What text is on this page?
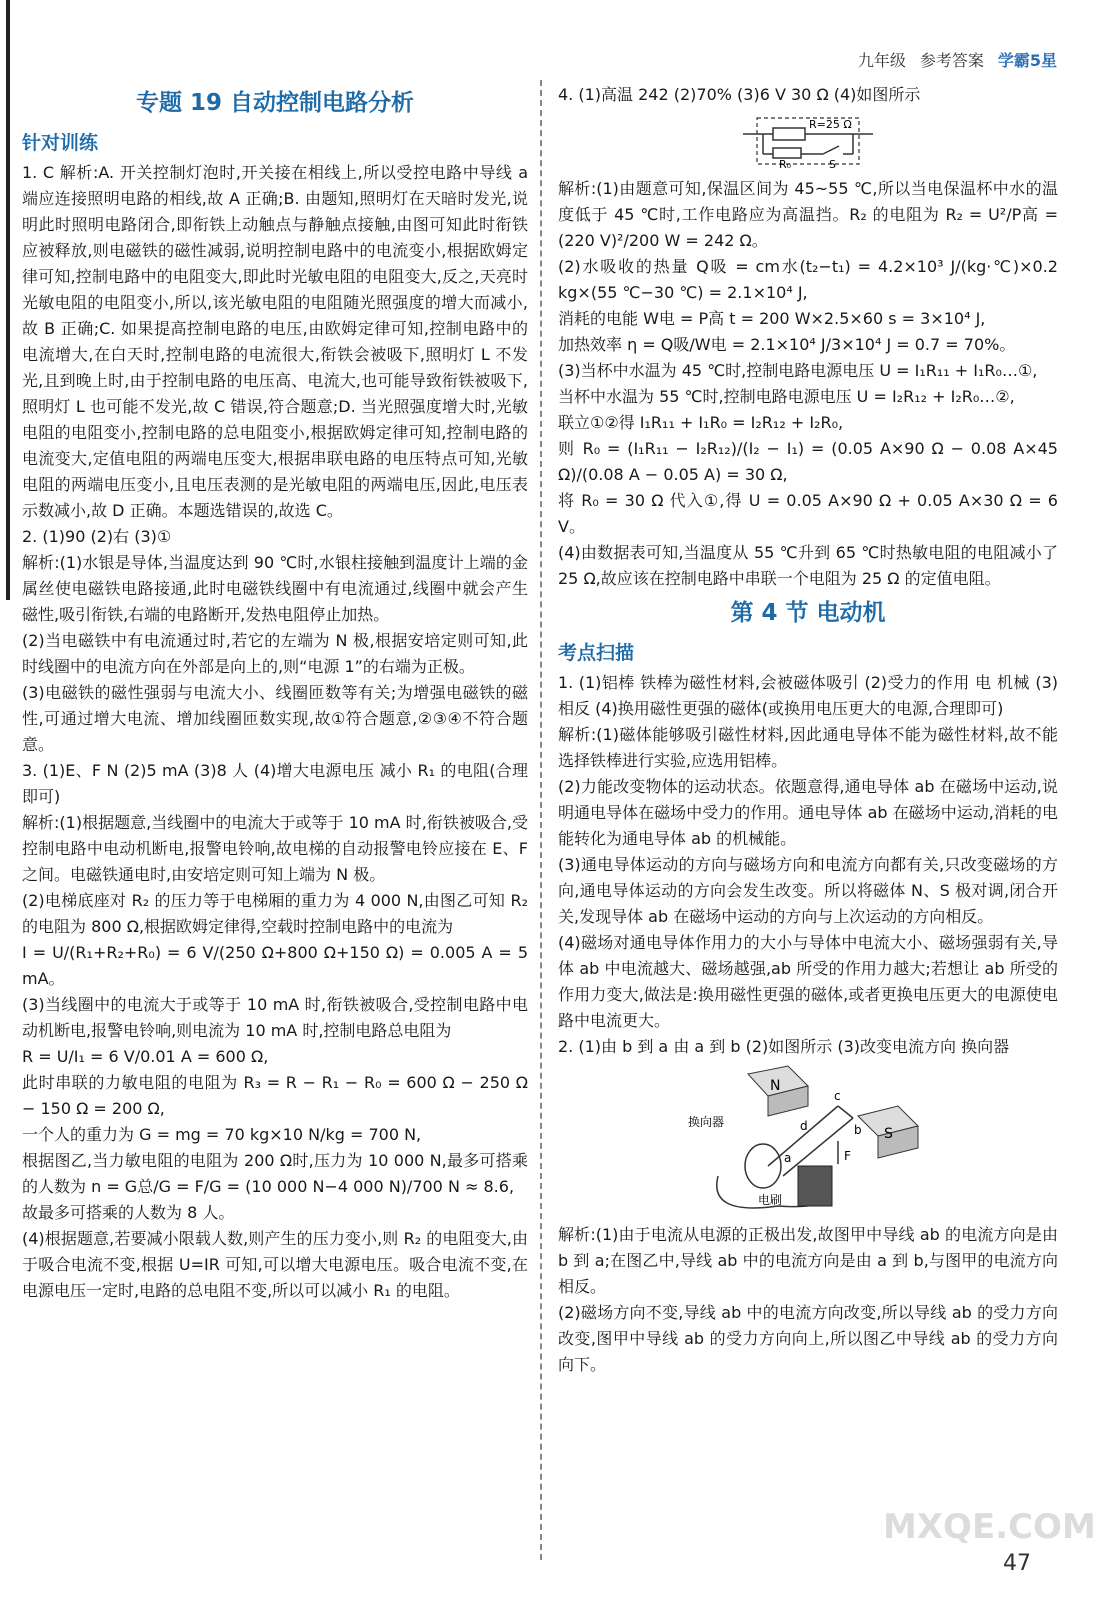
九年级 参考答案 学霸5星
专题 19 自动控制电路分析
针对训练

1. C 解析:A. 开关控制灯泡时,开关接在相线上,所以受控电路中导线 a 端应连接照明电路的相线,故 A 正确;B. 由题知,照明灯在天暗时发光,说明此时照明电路闭合,即衔铁上动触点与静触点接触,由图可知此时衔铁应被释放,则电磁铁的磁性减弱,说明控制电路中的电流变小,根据欧姆定律可知,控制电路中的电阻变大,即此时光敏电阻的电阻变大,反之,天亮时光敏电阻的电阻变小,所以,该光敏电阻的电阻随光照强度的增大而减小,故 B 正确;C. 如果提高控制电路的电压,由欧姆定律可知,控制电路中的电流增大,在白天时,控制电路的电流很大,衔铁会被吸下,照明灯 L 不发光,且到晚上时,由于控制电路的电压高、电流大,也可能导致衔铁被吸下,照明灯 L 也可能不发光,故 C 错误,符合题意;D. 当光照强度增大时,光敏电阻的电阻变小,控制电路的总电阻变小,根据欧姆定律可知,控制电路的电流变大,定值电阻的两端电压变大,根据串联电路的电压特点可知,光敏电阻的两端电压变小,且电压表测的是光敏电阻的两端电压,因此,电压表示数减小,故 D 正确。本题选错误的,故选 C。

2. (1)90 (2)右 (3)①

解析:(1)水银是导体,当温度达到 90 ℃时,水银柱接触到温度计上端的金属丝使电磁铁电路接通,此时电磁铁线圈中有电流通过,线圈中就会产生磁性,吸引衔铁,右端的电路断开,发热电阻停止加热。

(2)当电磁铁中有电流通过时,若它的左端为 N 极,根据安培定则可知,此时线圈中的电流方向在外部是向上的,则“电源 1”的右端为正极。

(3)电磁铁的磁性强弱与电流大小、线圈匝数等有关;为增强电磁铁的磁性,可通过增大电流、增加线圈匝数实现,故①符合题意,②③④不符合题意。

3. (1)E、F N (2)5 mA (3)8 人 (4)增大电源电压 减小 R₁ 的电阻(合理即可)

解析:(1)根据题意,当线圈中的电流大于或等于 10 mA 时,衔铁被吸合,受控制电路中电动机断电,报警电铃响,故电梯的自动报警电铃应接在 E、F 之间。电磁铁通电时,由安培定则可知上端为 N 极。

(2)电梯底座对 R₂ 的压力等于电梯厢的重力为 4 000 N,由图乙可知 R₂ 的电阻为 800 Ω,根据欧姆定律得,空载时控制电路中的电流为

I = U/(R₁+R₂+R₀) = 6 V/(250 Ω+800 Ω+150 Ω) = 0.005 A = 5 mA。

(3)当线圈中的电流大于或等于 10 mA 时,衔铁被吸合,受控制电路中电动机断电,报警电铃响,则电流为 10 mA 时,控制电路总电阻为

R = U/I₁ = 6 V/0.01 A = 600 Ω,

此时串联的力敏电阻的电阻为 R₃ = R − R₁ − R₀ = 600 Ω − 250 Ω − 150 Ω = 200 Ω,

一个人的重力为 G = mg = 70 kg×10 N/kg = 700 N,

根据图乙,当力敏电阻的电阻为 200 Ω时,压力为 10 000 N,最多可搭乘的人数为 n = G总/G = F/G = (10 000 N−4 000 N)/700 N ≈ 8.6,

故最多可搭乘的人数为 8 人。

(4)根据题意,若要减小限载人数,则产生的压力变小,则 R₂ 的电阻变大,由于吸合电流不变,根据 U=IR 可知,可以增大电源电压。吸合电流不变,在电源电压一定时,电路的总电阻不变,所以可以减小 R₁ 的电阻。

4. (1)高温 242 (2)70% (3)6 V 30 Ω (4)如图所示

R=25 Ω
R₀	S

解析:(1)由题意可知,保温区间为 45~55 ℃,所以当电保温杯中水的温度低于 45 ℃时,工作电路应为高温挡。R₂ 的电阻为 R₂ = U²/P高 = (220 V)²/200 W = 242 Ω。

(2)水吸收的热量 Q吸 = cm水(t₂−t₁) = 4.2×10³ J/(kg·℃)×0.2 kg×(55 ℃−30 ℃) = 2.1×10⁴ J,

消耗的电能 W电 = P高 t = 200 W×2.5×60 s = 3×10⁴ J,

加热效率 η = Q吸/W电 = 2.1×10⁴ J/3×10⁴ J = 0.7 = 70%。

(3)当杯中水温为 45 ℃时,控制电路电源电压 U = I₁R₁₁ + I₁R₀…①,

当杯中水温为 55 ℃时,控制电路电源电压 U = I₂R₁₂ + I₂R₀…②,

联立①②得 I₁R₁₁ + I₁R₀ = I₂R₁₂ + I₂R₀,

则 R₀ = (I₁R₁₁ − I₂R₁₂)/(I₂ − I₁) = (0.05 A×90 Ω − 0.08 A×45 Ω)/(0.08 A − 0.05 A) = 30 Ω,

将 R₀ = 30 Ω 代入①,得 U = 0.05 A×90 Ω + 0.05 A×30 Ω = 6 V。

(4)由数据表可知,当温度从 55 ℃升到 65 ℃时热敏电阻的电阻减小了 25 Ω,故应该在控制电路中串联一个电阻为 25 Ω 的定值电阻。

第 4 节 电动机
考点扫描

1. (1)铝棒 铁棒为磁性材料,会被磁体吸引 (2)受力的作用 电 机械 (3)相反 (4)换用磁性更强的磁体(或换用电压更大的电源,合理即可)

解析:(1)磁体能够吸引磁性材料,因此通电导体不能为磁性材料,故不能选择铁棒进行实验,应选用铝棒。

(2)力能改变物体的运动状态。依题意得,通电导体 ab 在磁场中运动,说明通电导体在磁场中受力的作用。通电导体 ab 在磁场中运动,消耗的电能转化为通电导体 ab 的机械能。

(3)通电导体运动的方向与磁场方向和电流方向都有关,只改变磁场的方向,通电导体运动的方向会发生改变。所以将磁体 N、S 极对调,闭合开关,发现导体 ab 在磁场中运动的方向与上次运动的方向相反。

(4)磁场对通电导体作用力的大小与导体中电流大小、磁场强弱有关,导体 ab 中电流越大、磁场越强,ab 所受的作用力越大;若想让 ab 所受的作用力变大,做法是:换用磁性更强的磁体,或者更换电压更大的电源使电路中电流更大。

2. (1)由 b 到 a 由 a 到 b (2)如图所示 (3)改变电流方向 换向器

N
S
F
换向器
电刷
d
c
b
a

解析:(1)由于电流从电源的正极出发,故图甲中导线 ab 的电流方向是由 b 到 a;在图乙中,导线 ab 中的电流方向是由 a 到 b,与图甲的电流方向相反。

(2)磁场方向不变,导线 ab 中的电流方向改变,所以导线 ab 的受力方向改变,图甲中导线 ab 的受力方向向上,所以图乙中导线 ab 的受力方向向下。

MXQE.COM
47
